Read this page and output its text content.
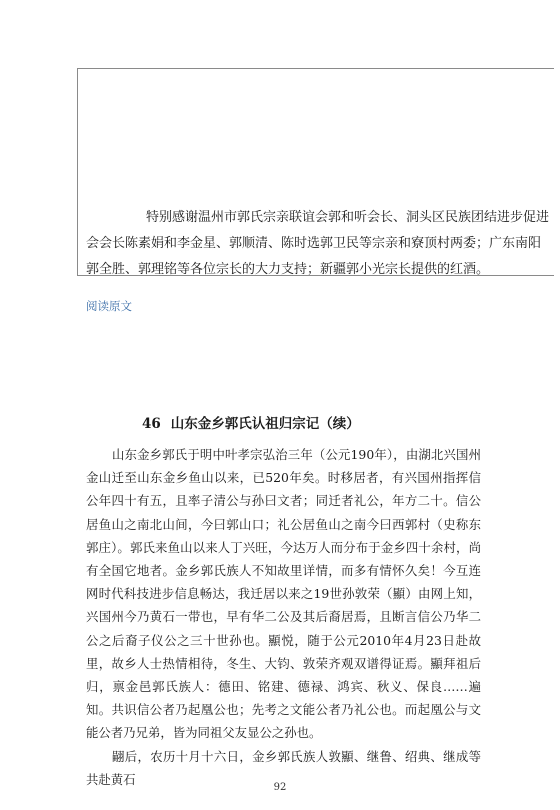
特别感谢温州市郭氏宗亲联谊会郭和听会长、洞头区民族团结进步促进会会长陈素娟和李金星、郭顺清、陈时选郭卫民等宗亲和寮顶村两委；广东南阳郭全胜、郭理铭等各位宗长的大力支持；新疆郭小光宗长提供的红酒。

阅读原文
46 山东金乡郭氏认祖归宗记（续）

山东金乡郭氏于明中叶孝宗弘治三年（公元190年），由湖北兴国州金山迁至山东金乡鱼山以来，已520年矣。时移居者，有兴国州指挥信公年四十有五，且率子清公与孙曰文者；同迁者礼公，年方二十。信公居鱼山之南北山间，今曰郭山口；礼公居鱼山之南今曰西郭村（史称东郭庄）。郭氏来鱼山以来人丁兴旺，今达万人而分布于金乡四十余村，尚有全国它地者。金乡郭氏族人不知故里详情，而多有情怀久矣！今互连网时代科技进步信息畅达，我迁居以来之19世孙敦荣（顯）由网上知，兴国州今乃黄石一带也，早有华二公及其后裔居焉，且断言信公乃华二公之后裔子仪公之三十世孙也。顯悦，随于公元2010年4月23日赴故里，故乡人士热情相待，冬生、大钧、敦荣齐观双谱得证焉。顯拜祖后归，禀金邑郭氏族人：德田、铭建、德禄、鸿宾、秋义、保良……遍知。共识信公者乃起凰公也；先考之文能公者乃礼公也。而起凰公与文能公者乃兄弟，皆为同祖父友显公之孙也。

翤后，农历十月十六日，金乡郭氏族人敦顯、继鲁、绍典、继成等共赴黄石

92
